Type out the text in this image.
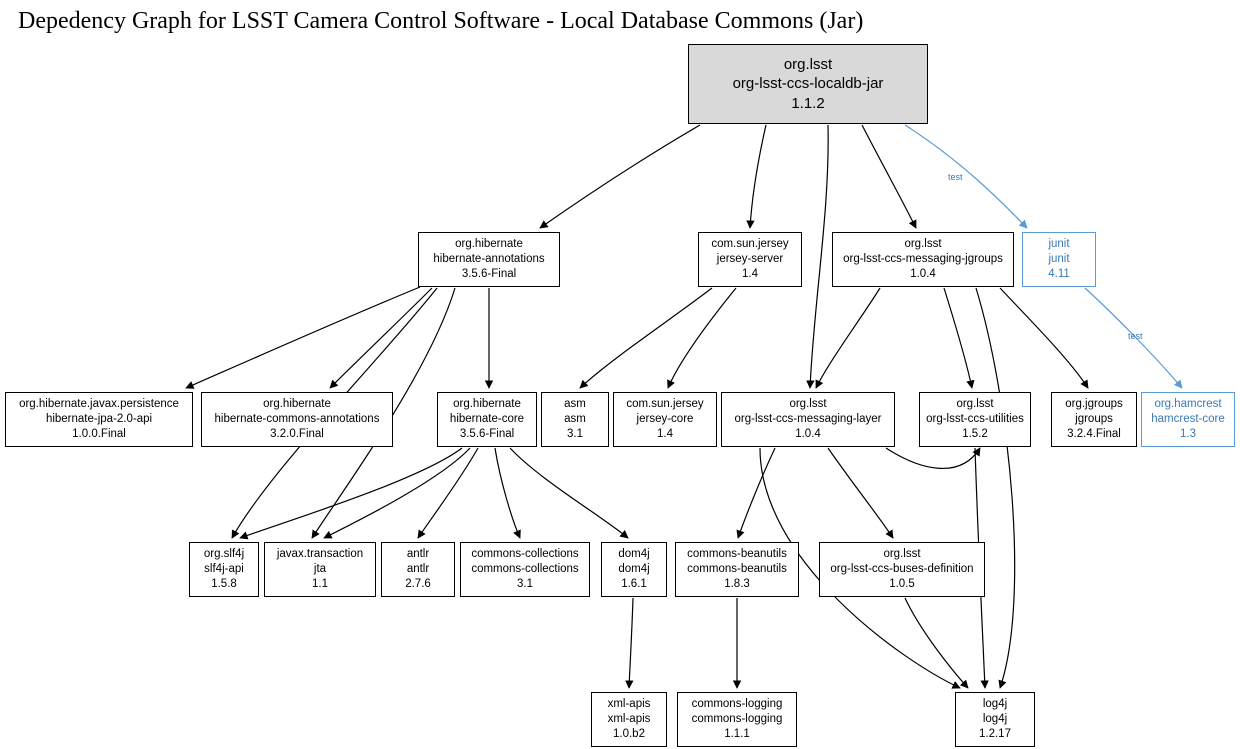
Depedency Graph for LSST Camera Control Software - Local Database Commons (Jar)
org.lsst
org-lsst-ccs-localdb-jar
1.1.2
org.hibernate
hibernate-annotations
3.5.6-Final
com.sun.jersey
jersey-server
1.4
org.lsst
org-lsst-ccs-messaging-jgroups
1.0.4
junit
junit
4.11
org.hibernate.javax.persistence
hibernate-jpa-2.0-api
1.0.0.Final
org.hibernate
hibernate-commons-annotations
3.2.0.Final
org.hibernate
hibernate-core
3.5.6-Final
asm
asm
3.1
com.sun.jersey
jersey-core
1.4
org.lsst
org-lsst-ccs-messaging-layer
1.0.4
org.lsst
org-lsst-ccs-utilities
1.5.2
org.jgroups
jgroups
3.2.4.Final
org.hamcrest
hamcrest-core
1.3
org.slf4j
slf4j-api
1.5.8
javax.transaction
jta
1.1
antlr
antlr
2.7.6
commons-collections
commons-collections
3.1
dom4j
dom4j
1.6.1
commons-beanutils
commons-beanutils
1.8.3
org.lsst
org-lsst-ccs-buses-definition
1.0.5
xml-apis
xml-apis
1.0.b2
commons-logging
commons-logging
1.1.1
log4j
log4j
1.2.17
test
test
